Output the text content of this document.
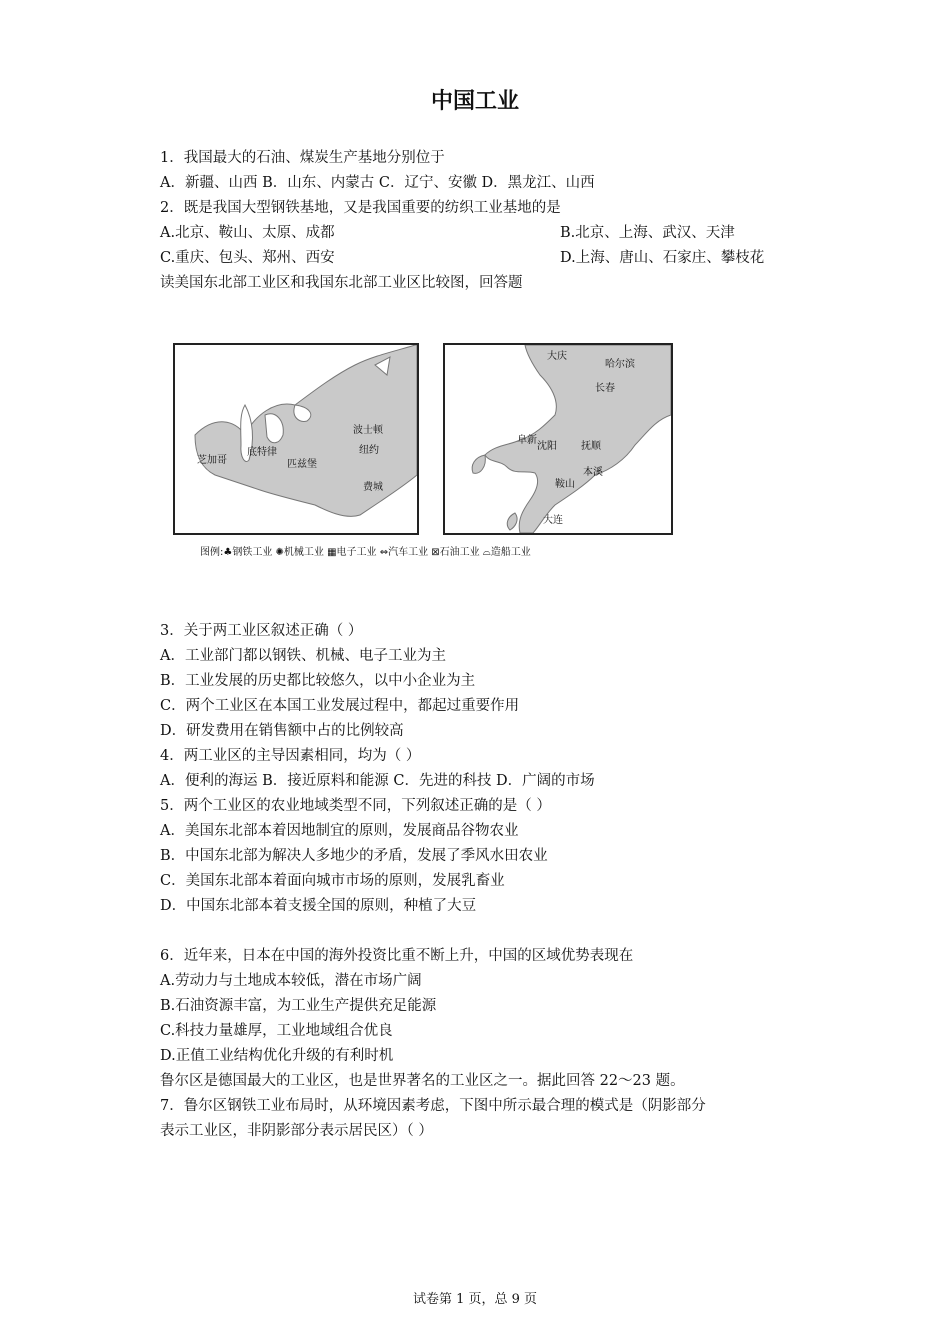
中国工业
1．我国最大的石油、煤炭生产基地分别位于
A．新疆、山西 B．山东、内蒙古 C．辽宁、安徽 D．黑龙江、山西
2．既是我国大型钢铁基地，又是我国重要的纺织工业基地的是
A.北京、鞍山、太原、成都	B.北京、上海、武汉、天津
C.重庆、包头、郑州、西安	D.上海、唐山、石家庄、攀枝花
读美国东北部工业区和我国东北部工业区比较图，回答题
芝加哥
底特律
匹兹堡
波士顿
纽约
费城
大庆
哈尔滨
长春
阜新
沈阳 抚顺
本溪
鞍山
大连
图例:♣钢铁工业 ✺机械工业 ▦电子工业 ⇔汽车工业 ⊠石油工业 ⌓造船工业
3．关于两工业区叙述正确（ ）
A．工业部门都以钢铁、机械、电子工业为主
B．工业发展的历史都比较悠久，以中小企业为主
C．两个工业区在本国工业发展过程中，都起过重要作用
D．研发费用在销售额中占的比例较高
4．两工业区的主导因素相同，均为（ ）
A．便利的海运 B．接近原料和能源 C．先进的科技 D．广阔的市场
5．两个工业区的农业地域类型不同，下列叙述正确的是（ ）
A．美国东北部本着因地制宜的原则，发展商品谷物农业
B．中国东北部为解决人多地少的矛盾，发展了季风水田农业
C．美国东北部本着面向城市市场的原则，发展乳畜业
D．中国东北部本着支援全国的原则，种植了大豆
6．近年来，日本在中国的海外投资比重不断上升，中国的区域优势表现在
A.劳动力与土地成本较低，潜在市场广阔
B.石油资源丰富，为工业生产提供充足能源
C.科技力量雄厚，工业地域组合优良
D.正值工业结构优化升级的有利时机
鲁尔区是德国最大的工业区，也是世界著名的工业区之一。据此回答 22～23 题。
7．鲁尔区钢铁工业布局时，从环境因素考虑，下图中所示最合理的模式是（阴影部分
表示工业区，非阴影部分表示居民区）（ ）
试卷第 1 页，总 9 页
